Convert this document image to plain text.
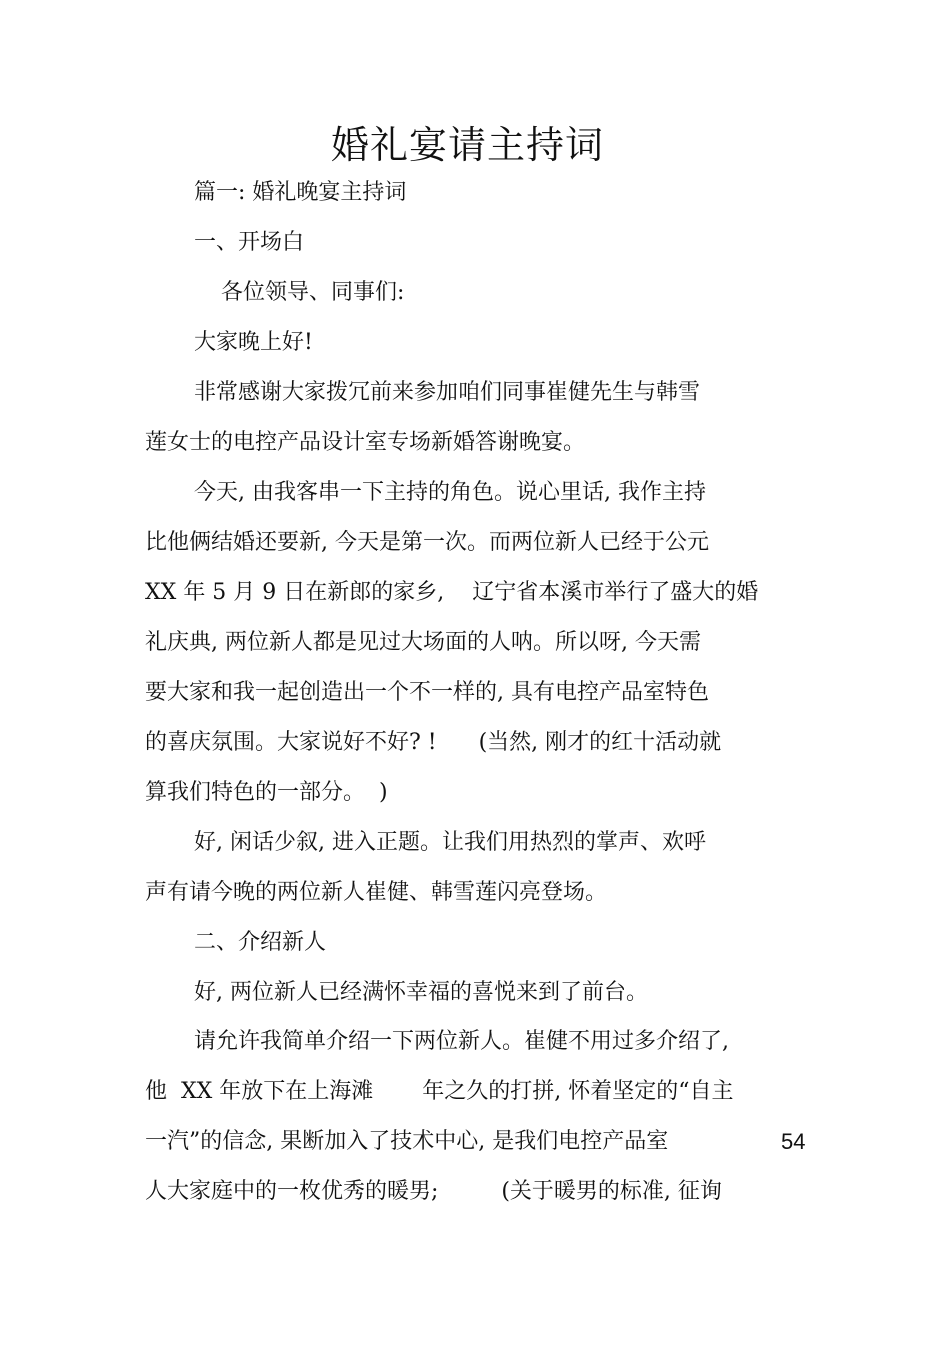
婚礼宴请主持词
篇一: 婚礼晚宴主持词
一、开场白
各位领导、同事们:
大家晚上好!
非常感谢大家拨冗前来参加咱们同事崔健先生与韩雪
莲女士的电控产品设计室专场新婚答谢晚宴。
今天, 由我客串一下主持的角色。说心里话, 我作主持
比他俩结婚还要新, 今天是第一次。而两位新人已经于公元
XX 年 5 月 9 日在新郎的家乡,    辽宁省本溪市举行了盛大的婚
礼庆典, 两位新人都是见过大场面的人呐。所以呀, 今天需
要大家和我一起创造出一个不一样的, 具有电控产品室特色
的喜庆氛围。大家说好不好? !      (当然, 刚才的红十活动就
算我们特色的一部分。  )
好, 闲话少叙, 进入正题。让我们用热烈的掌声、欢呼
声有请今晚的两位新人崔健、韩雪莲闪亮登场。
二、介绍新人
好, 两位新人已经满怀幸福的喜悦来到了前台。
请允许我简单介绍一下两位新人。崔健不用过多介绍了,
他  XX 年放下在上海滩       年之久的打拼, 怀着坚定的“自主
一汽”的信念, 果断加入了技术中心, 是我们电控产品室
人大家庭中的一枚优秀的暖男;         (关于暖男的标准, 征询
54
